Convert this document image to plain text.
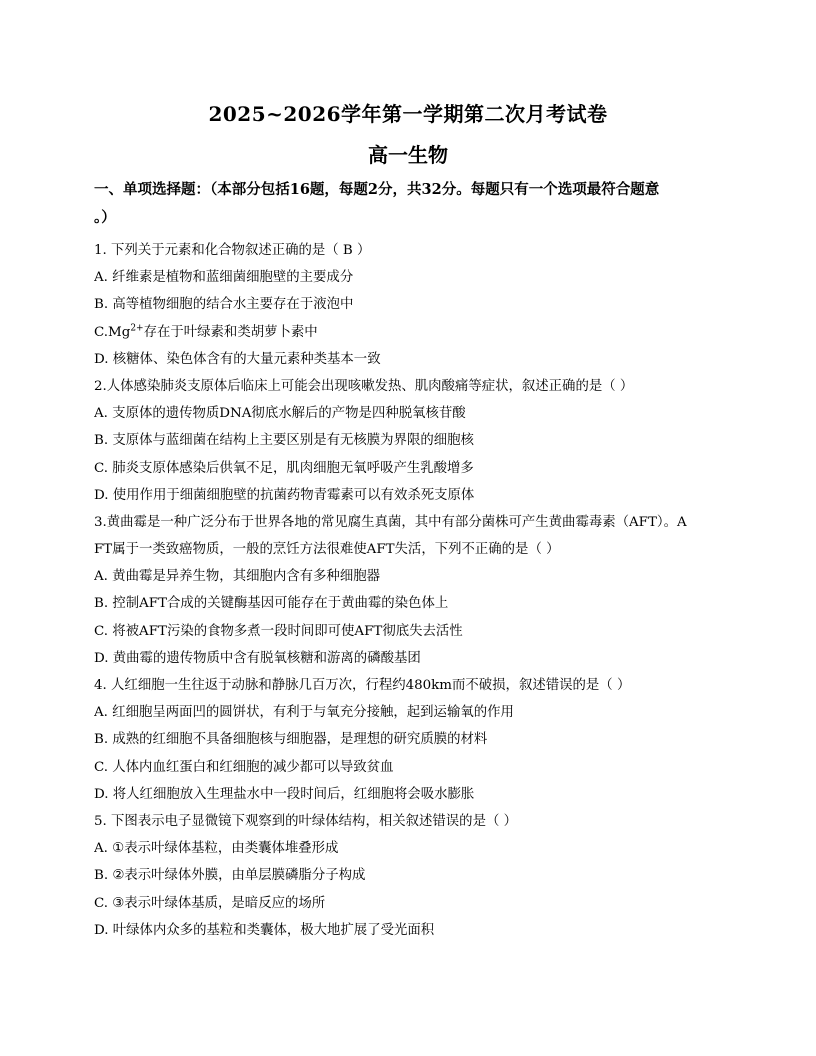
2025~2026学年第一学期第二次月考试卷
高一生物
一、单项选择题：（本部分包括16题，每题2分，共32分。每题只有一个选项最符合题意
。）
1. 下列关于元素和化合物叙述正确的是（ B ）
A. 纤维素是植物和蓝细菌细胞壁的主要成分
B. 高等植物细胞的结合水主要存在于液泡中
$C.Mg^{2+}$存在于叶绿素和类胡萝卜素中
D. 核糖体、染色体含有的大量元素种类基本一致
2.人体感染肺炎支原体后临床上可能会出现咳嗽发热、肌肉酸痛等症状，叙述正确的是（ ）
A. 支原体的遗传物质DNA彻底水解后的产物是四种脱氧核苷酸
B. 支原体与蓝细菌在结构上主要区别是有无核膜为界限的细胞核
C. 肺炎支原体感染后供氧不足，肌肉细胞无氧呼吸产生乳酸增多
D. 使用作用于细菌细胞壁的抗菌药物青霉素可以有效杀死支原体
3.黄曲霉是一种广泛分布于世界各地的常见腐生真菌，其中有部分菌株可产生黄曲霉毒素（AFT）。A
FT属于一类致癌物质，一般的烹饪方法很难使AFT失活，下列不正确的是（ ）
A. 黄曲霉是异养生物，其细胞内含有多种细胞器
B. 控制AFT合成的关键酶基因可能存在于黄曲霉的染色体上
C. 将被AFT污染的食物多煮一段时间即可使AFT彻底失去活性
D. 黄曲霉的遗传物质中含有脱氧核糖和游离的磷酸基团
4. 人红细胞一生往返于动脉和静脉几百万次，行程约480km而不破损，叙述错误的是（ ）
A. 红细胞呈两面凹的圆饼状，有利于与氧充分接触，起到运输氧的作用
B. 成熟的红细胞不具备细胞核与细胞器，是理想的研究质膜的材料
C. 人体内血红蛋白和红细胞的减少都可以导致贫血
D. 将人红细胞放入生理盐水中一段时间后，红细胞将会吸水膨胀
5. 下图表示电子显微镜下观察到的叶绿体结构，相关叙述错误的是（ ）
A. ①表示叶绿体基粒，由类囊体堆叠形成
B. ②表示叶绿体外膜，由单层膜磷脂分子构成
C. ③表示叶绿体基质，是暗反应的场所
D. 叶绿体内众多的基粒和类囊体，极大地扩展了受光面积
